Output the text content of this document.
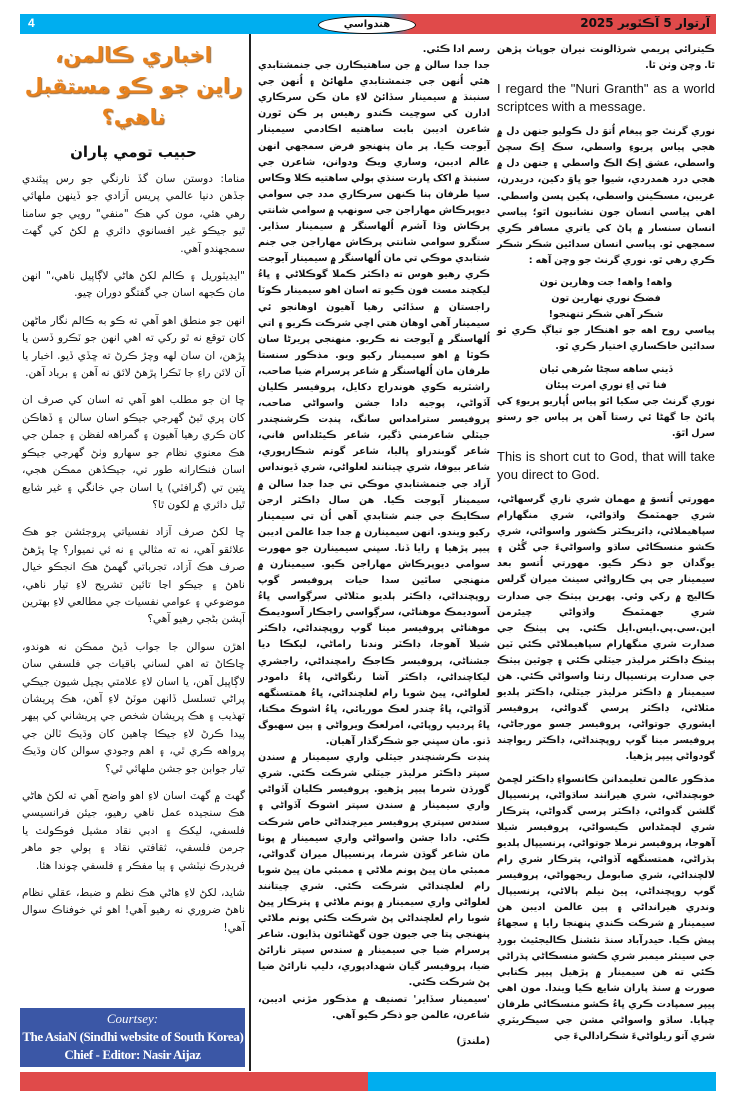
4	آرتوار 5 آڪٽوبر 2025
هندواسي
اخباري ڪالمن،
راين جو ڪو مستقبل ناهي؟
حبيب تومي پاران

مناما: دوستن سان گڏ نارنگي جو رس پيئندي جڏهن دنيا عالمي پريس آزادي جو ڏينهن ملهائي رهي هئي، مون کي هڪ "منفي" رويي جو سامنا ٿيو جيڪو غير افسانوي دائري ۾ لکڻ کي گهٽ سمجهندو آهي.

"ايڊيٽوريل ۽ ڪالم لکڻ هاڻي لاڳاپيل ناهي،" انهن مان ڪجهه اسان جي گفتگو دوران چيو.

انهن جو منطق اهو آهي ته ڪو به ڪالم نگار ماڻهن کان توقع نه ٿو رکي ته اهي انهن جو ٽڪرو ڏسن يا پڙهن، ان سان لهه وچڙ ڪرڻ ته ڇڏي ڏيو. اخبار يا آن لائن راءِ جا ٽڪرا پڙهڻ لائق نه آهن ۽ برباد آهن.

ڇا ان جو مطلب اهو آهي ته اسان کي صرف ان کان پري ٿيڻ گهرجي جيڪو اسان سالن ۽ ڏهاڪن کان ڪري رهيا آهيون ۽ گمراهه لفظن ۽ جملن جي هڪ معنوي نظام جو سهارو وٺڻ گهرجي جيڪو اسان فنڪارانه طور تي، جيڪڏهن ممڪن هجي، ڀتين تي (گرافٽي) يا اسان جي خانگي ۽ غير شايع ٿيل دائري ۾ لکون ٿا؟

ڇا لکڻ صرف آزاد نفسياتي پروجئشن جو هڪ علائقو آهي، نه ته مثالي ۽ نه ئي نميوار؟ ڇا پڙهڻ صرف هڪ آزاد، تجرباتي گهمڻ هڪ انجڪو خيال ناهڻ ۽ جيڪو اڃا تائين تشريح لاءِ تيار ناهي، موضوعي ۽ عوامي نفسيات جي مطالعي لاءِ بهترين آپشن بڻجي رهيو آهي؟

اهڙن سوالن جا جواب ڏيڻ ممڪن نه هوندو، ڇاڪاڻ ته اهي لساني باقيات جي فلسفي سان لاڳاپيل آهن، يا اسان لاءِ علامتي بچيل شيون جيڪي پراڻي تسلسل ڏانهن موٽڻ لاءِ آهن، هڪ پريشان تهذيب ۽ هڪ پريشان شخص جي پريشاني کي ٻيهر پيدا ڪرڻ لاءِ جيڪا چاهين کان وڌيڪ ٽالن جي پرواهه ڪري ٿي، ۽ اهم وجودي سوالن کان وڌيڪ تيار جوابن جو جشن ملهائي ٿي؟

گهٽ ۾ گهٽ اسان لاءِ اهو واضح آهي ته لکڻ هاڻي هڪ سنجيده عمل ناهي رهيو، جيئن فرانسيسي فلسفي، ليکڪ ۽ ادبي نقاد مشيل فوڪولٽ يا جرمن فلسفي، ثقافتي نقاد ۽ ٻولي جو ماهر فريڊرڪ نيٽشي ۽ ٻيا مفڪر ۽ فلسفي چوندا هئا.

شايد، لکڻ لاءِ هاڻي هڪ نظم و ضبط، عقلي نظام ناهڻ ضروري نه رهيو آهي! اهو ئي خوفناڪ سوال آهي!

Courtsey:
The AsiaN (Sindhi website of South Korea)
Chief - Editor: Nasir Aijaz

رسم ادا ڪئي.

جدا جدا سالن ۾ جن ساهتيڪارن جي جنمشتابدي هئي اُنهن جي جنمشتابدي ملهائڻ ۽ اُنهن جي سنبنڌ ۾ سيمينار سڏائڻ لاءِ مان ڪن سرڪاري ادارن کي سوچيت ڪندو رهيس پر ڪن ٿورن شاعرن اديبن بابت ساهتيه اڪادمي سيمينار آيوجت ڪيا. پر مان پنهنجو فرض سمجهي انهن عالم اديبن، وساري ويڪ ودوانن، شاعرن جي سنبنڌ ۾ اکک ڀارت سنڌي ٻولي ساهتيه ڪلا وڪاس سڀا طرفان ٻنا ڪنهن سرڪاري مدد جي سوامي ديوپرڪاش مهاراجن جي سونهپ ۾ سوامي شانتي پرڪاش وڌا آشرم اُلهاسنگر ۾ سيمينار سڏاير. ستگرو سوامي شانتي پرڪاش مهاراجن جي جنم شتابدي موڪي تي مان اُلهاسنگر ۾ سيمينار آيوجت ڪري رهيو هوس ته ڊاڪٽر ڪملا گوڪلاڻي ۽ ڀاءُ ليکچند مست فون ڪيو ته اسان اهو سيمينار ڪوٽا راجستان ۾ سڏائي رهيا آهيون اوهانجو ئي سيمينار آهي اوهان هتي اچي شرڪت ڪريو ۽ اتي اُلهاسنگر ۾ آيوجت نه ڪريو. منهنجي پريرڻا سان ڪوٽا ۾ اهو سيمينار رکيو ويو. مذڪور سنستا طرفان مان اُلهاسنگر ۾ شاعر پرسرام ضيا صاحب، راشٽريه ڪوي هوندراج دکايل، پروفيسر ڪليان آڏواڻي، پوجيه دادا جشن واسواڻي صاحب، پروفيسر سترامداس سانگ، پنڊت ڪرشنچندر جيٽلي شاعرمني ڏگير، شاعر ڪيئلداس فاني، شاعر گوبندراو ڀاليا، شاعر گوتم شڪارپوري، شاعر بيوفا، شري چيتانند لعلواڻي، شري ڏيونداس آزاد جي جنمشتابدي موڪي تي جدا جدا سالن ۾ سيمينار آيوجت ڪيا. هن سال ڊاڪٽر ارجن سڪايڪ جي جنم شتابدي آهي اُن تي سيمينار رکيو ويندو. انهن سيمينارن ۾ جدا جدا عالمن اديبن پيپر پڙهيا ۽ رايا ڏنا. سڀني سيمينارن جو مهورت سوامي ديوپرڪاش مهاراجن ڪيو. سيمينارن ۾ منهنجي ساٿين سدا حيات پروفيسر گوپ روپچنداڻي، ڊاڪٽر ٻلديو مٽلاڻي سرڳواسي ڀاءُ آسوديمڪ موهناڻي، سرڳواسي راجڪار آسوديمڪ موهناڻي پروفيسر مينا گوپ روپچنداڻي، ڊاڪٽر شيلا آهوجا، ڊاڪٽر وندنا راماڻي، ليکڪا ديا جشناڻي، پروفيسر ڪاجڪ رامچنداڻي، راجشري ليکاچنداڻي، ڊاڪٽر آشا رنگواڻي، ڀاءُ دامودر لعلواڻي، ڀيڻ شوبا رام لعلچنداڻي، ڀاءُ همتسنگهه آڏواڻي، ڀاءُ چندر لعڪ موريائي، ڀاءُ اشوڪ مڪتا، ڀاءُ پرديپ روپائي، امرلعڪ ويرواڻي ۽ ٻين سهيوگ ڏنو. مان سڀني جو شڪرگذار آهيان.

پنڊت ڪرشنچندر جيٽلي واري سيمينار ۾ سندن سپتر ڊاڪٽر مرليڌر جيٽلي شرڪت ڪئي. شري گورڌن شرما پيپر پڙهيو. پروفيسر ڪليان آڏواڻي واري سيمينار ۾ سندن سپتر اشوڪ آڏواڻي ۽ سندس سپتري پروفيسر ميرچنداڻي خاص شرڪت ڪئي. دادا جشن واسواڻي واري سيمينار ۾ پونا مان شاعر گوڌن شرما، پرنسيپال ميران گدواڻي، ممبئي مان ڀيڻ پونم ملاڻي ۽ ممبئي مان ڀيڻ شوبا رام لعلچنداڻي شرڪت ڪئي. شري چيتانند لعلواڻي واري سيمينار ۾ پونم ملاڻي ۽ پترڪار ڀيڻ شوبا رام لعلچنداڻي پڻ شرڪت ڪئي پونم ملاڻي پنهنجي پتا جي جيون جون گهڻنائون ٻڌايون. شاعر پرسرام ضيا جي سيمينار ۾ سندس سپتر نارائڻ ضيا، پروفيسر گيان شهدادپوري، دليپ نارائڻ ضيا پڻ شرڪت ڪئي.

'سيمينار سڏاير' تصنيف ۾ مذڪور مڙني اديبن، شاعرن، عالمن جو ذڪر ڪيو آهي.

(ملندڙ)

ڪيترائي پريمي شرڌالونت نيران جوپاٺ پڙهن ٿا. وچن وٺن ٿا.

I regard the "Nuri Granth" as a world scriptces with a message.

نوري گرنٿ جو پيغام اُتوَ دل ڪوليو جنهن دل ۾ هجي پياس پريوءِ واسطي، سڪ اِڪ سڄڻ واسطي، عشق اِڪ الڪ واسطي ۽ جنهن دل ۾ هجي درد همدردي، شيوا جو ڀاوَ دکين، دريدرن، غريبن، مسڪينن واسطي، پکين پسن واسطي. اهي پياسي انسان جون نشانيون اٿو؛ پياسي انسان سنسار ۾ پاڻ کي ياتري مسافر ڪري سمجهي ٿو. پياسي انسان سدائين شڪر شڪر ڪري رهي ٿو. نوري گرنٿ جو وچن آهه :

واهه! واهه! جت وهارين تون

فضڪ نوري نهارين تون

شڪر آهي شڪر تنهنجو!

پياسي روح اهه جو اهنڪار جو تياڳ ڪري ٿو سدائين خاڪساري اختيار ڪري ٿو.

ڏيني ساهه سڄڻا سُرهي ٿيان

فنا ٿي اِءِ نوري امرت پيئان

نوري گرنٿ جي سکيا اٿو پياس اُڀاريو پريوءِ کي پائڻ جا گهڻا ئي رستا آهن پر پياس جو رستو سرل اٿوَ.

This is short cut to God, that will take you direct to God.

مهورتي اُتسوَ ۾ مهمان شري ناري گرسهاڻي، شري جهمٽمڪ واڌواڻي، شري منگهارام سپاهيملاڻي، ڊائريڪٽر ڪشور واسواڻي، شري ڪشو منسڪاڻي ساڌو واسواڻيءَ جي گُڻن ۽ يوگدان جو ذڪر ڪيو. مهورتي اُتسو بعد سيمينار جي ٻي ڪارواڻي سينٽ ميران گرلس ڪاليج ۾ رکي وئي. پهرين ٻيٺڪ جي صدارت شري جهمٽمڪ واڌواڻي چيئرمن اين.سي.پي.ايس.ايل ڪئي. ٻي ٻيٺڪ جي صدارت شري منگهارام سپاهيملاڻي ڪئي ٽين ٻيٺڪ ڊاڪٽر مرليڌر جيٽلي ڪئي ۽ چوٿين ٻيٺڪ جي صدارت پرنسيپال رتنا واسواڻي ڪئي. هن سيمينار ۾ ڊاڪٽر مرليڌر جيٽلي، ڊاڪٽر ٻلديو مٽلاڻي، ڊاڪٽر پرسي گدواڻي، پروفيسر ايشوري جوتواڻي، پروفيسر جسو مورجاڻي، پروفيسر مينا گوپ روپچنداڻي، ڊاڪٽر ريواچند گودواڻي پيپر پڙهيا.

مذڪور عالمن تعليمدانن ڪانسواءِ ڊاڪٽر لڇمڻ خوبچنداڻي، شري هيرانند ساڌواڻي، پرنسيپال گلشن گدواڻي، ڊاڪٽر پرسي گدواڻي، پترڪار شري لڇمڻداس ڪيسواڻي، پروفيسر شيلا آهوجا، پروفيسر نرملا جوتواڻي، پرنسيپال ٻلديو ٻڌراڻي، همتسنگهه آڏواڻي، پترڪار شري رام لالچنداڻي، شري صابومل ريجهواڻي، پروفيسر گوپ روپچنداڻي، ڀيڻ نيلم ٻالاڻي، پرنسيپال وندري هيرانداڻي ۽ ٻين عالمن اديبن هن سيمينار ۾ شرڪت ڪندي پنهنجا رايا ۽ سجهاءُ پيش ڪيا. حيدرآباد سنڌ نئشنل ڪاليجئيٽ بورڊ جي سينئر ميمبر شري ڪشو منسڪاڻي پڌراڻي ڪئي ته هن سيمينار ۾ پڙهيل پيپر ڪتابي صورت ۾ سنڌ پاران شايع ڪيا ويندا. مون اهي پيپر سمپادت ڪري ڀاءُ ڪشو منسڪاڻي طرفان ڇپايا. ساڌو واسواڻي مشن جي سيڪريٽري شري آتو ريلواڻيءَ شڪراداليءَ جي
